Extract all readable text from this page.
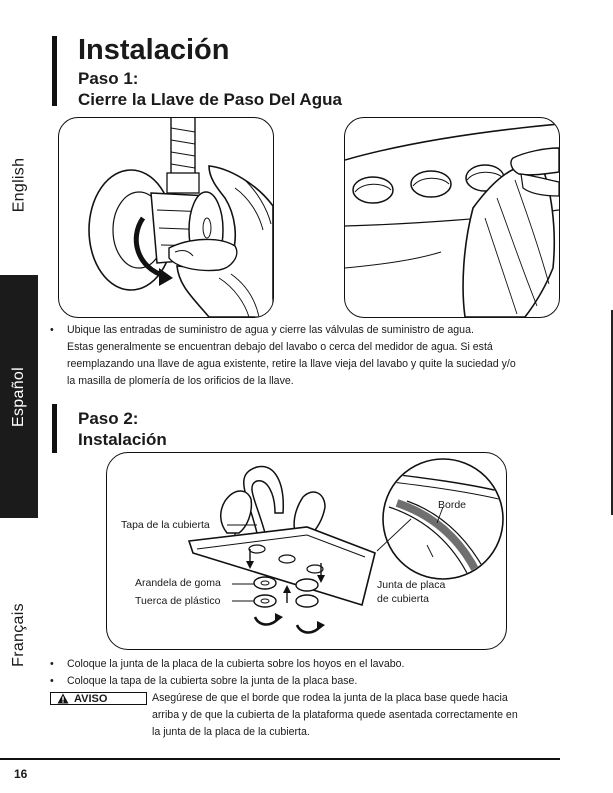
English
Español
Français
Instalación
Paso 1:
Cierre la Llave de Paso Del Agua
• Ubique las entradas de suministro de agua y cierre las válvulas de suministro de agua.
Estas generalmente se encuentran debajo del lavabo o cerca del medidor de agua. Si está
reemplazando una llave de agua existente, retire la llave vieja del lavabo y quite la suciedad y/o
la masilla de plomería de los orificios de la llave.
Paso 2:
Instalación
Tapa de la cubierta
Arandela de goma
Tuerca de plástico
Borde
Junta de placa
de cubierta
• Coloque la junta de la placa de la cubierta sobre los hoyos en el lavabo.
• Coloque la tapa de la cubierta sobre la junta de la placa base.
AVISO	Asegúrese de que el borde que rodea la junta de la placa base quede hacia
arriba y de que la cubierta de la plataforma quede asentada correctamente en
la junta de la placa de la cubierta.
16
